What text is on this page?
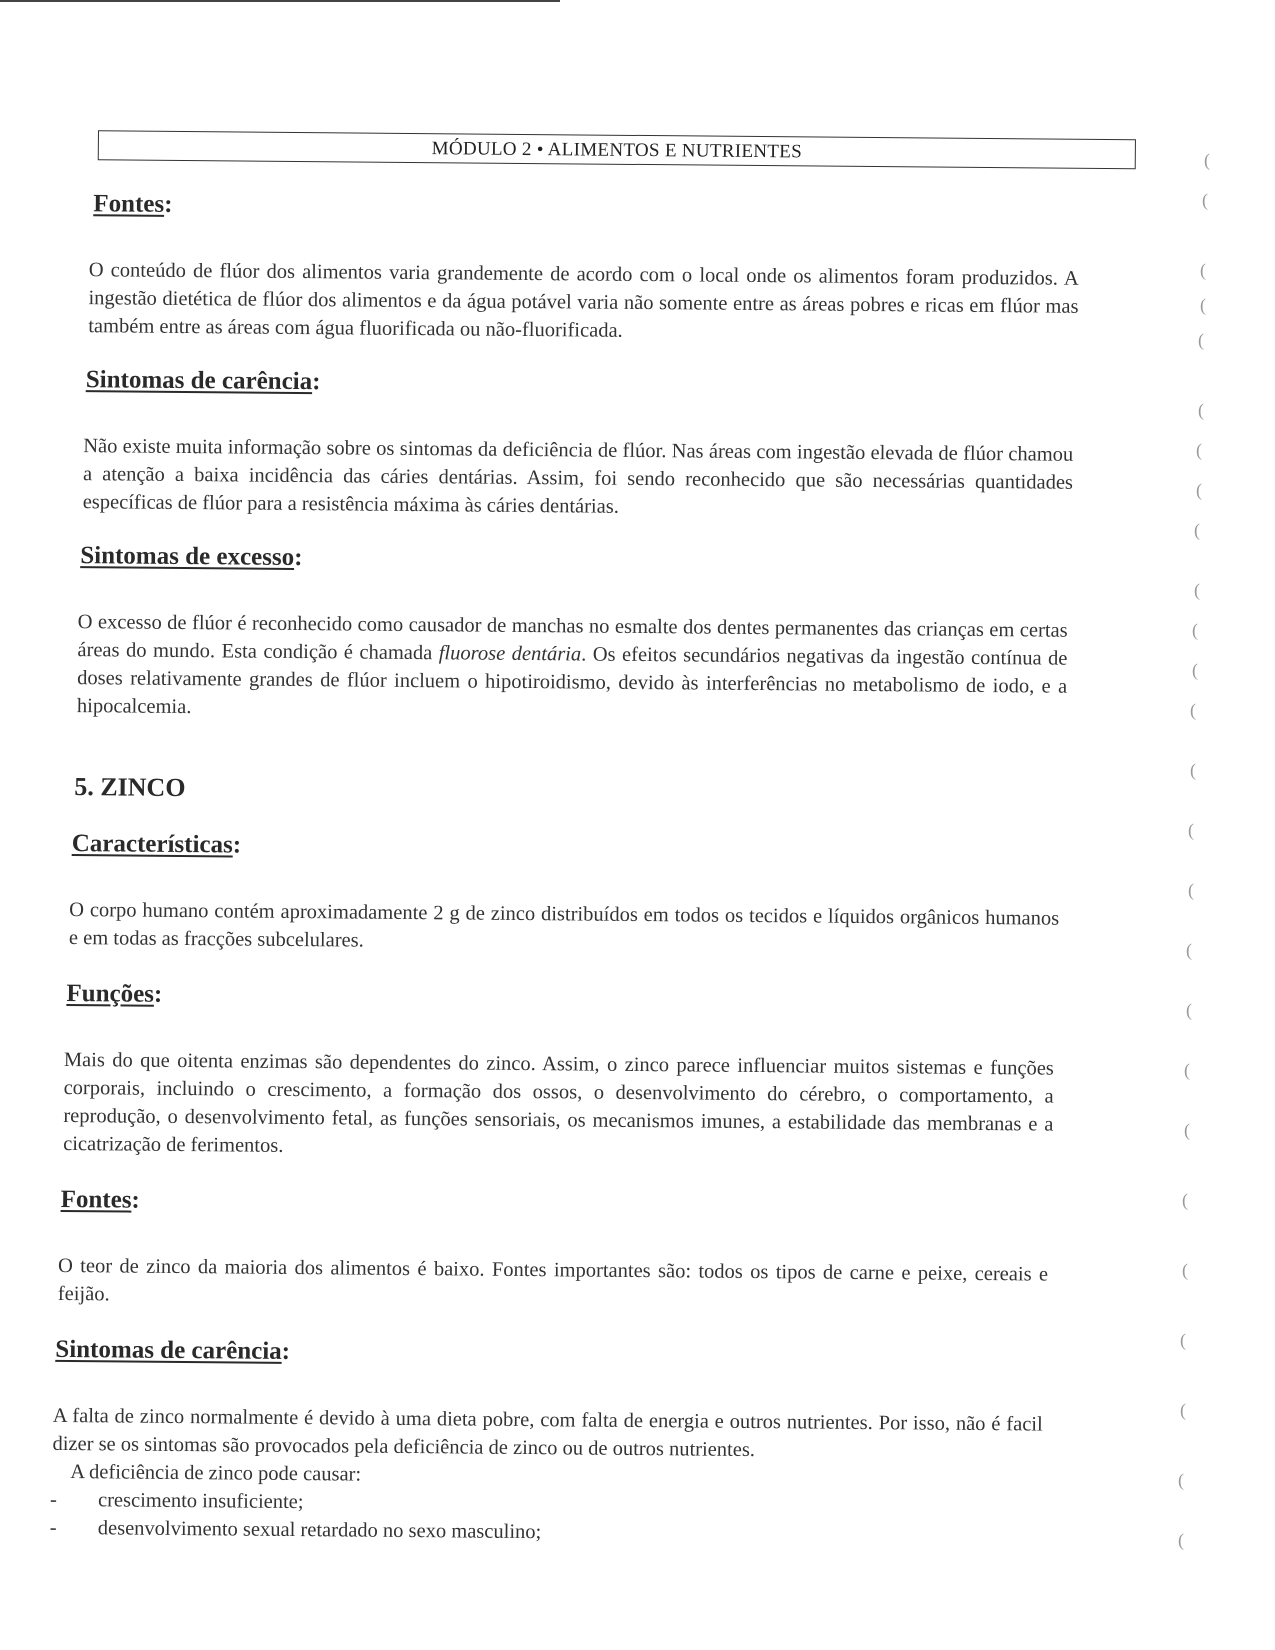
MÓDULO 2 • ALIMENTOS E NUTRIENTES
Fontes:

O conteúdo de flúor dos alimentos varia grandemente de acordo com o local onde os alimentos foram produzidos. A ingestão dietética de flúor dos alimentos e da água potável varia não somente entre as áreas pobres e ricas em flúor mas também entre as áreas com água fluorificada ou não-fluorificada.

Sintomas de carência:

Não existe muita informação sobre os sintomas da deficiência de flúor. Nas áreas com ingestão elevada de flúor chamou a atenção a baixa incidência das cáries dentárias. Assim, foi sendo reconhecido que são necessárias quantidades específicas de flúor para a resistência máxima às cáries dentárias.

Sintomas de excesso:

O excesso de flúor é reconhecido como causador de manchas no esmalte dos dentes permanentes das crianças em certas áreas do mundo. Esta condição é chamada fluorose dentária. Os efeitos secundários negativas da ingestão contínua de doses relativamente grandes de flúor incluem o hipotiroidismo, devido às interferências no metabolismo de iodo, e a hipocalcemia.

5. ZINCO
Características:

O corpo humano contém aproximadamente 2 g de zinco distribuídos em todos os tecidos e líquidos orgânicos humanos e em todas as fracções subcelulares.

Funções:

Mais do que oitenta enzimas são dependentes do zinco. Assim, o zinco parece influenciar muitos sistemas e funções corporais, incluindo o crescimento, a formação dos ossos, o desenvolvimento do cérebro, o comportamento, a reprodução, o desenvolvimento fetal, as funções sensoriais, os mecanismos imunes, a estabilidade das membranas e a cicatrização de ferimentos.

Fontes:

O teor de zinco da maioria dos alimentos é baixo. Fontes importantes são: todos os tipos de carne e peixe, cereais e feijão.

Sintomas de carência:

A falta de zinco normalmente é devido à uma dieta pobre, com falta de energia e outros nutrientes. Por isso, não é facil dizer se os sintomas são provocados pela deficiência de zinco ou de outros nutrientes.

A deficiência de zinco pode causar:

- crescimento insuficiente;
- desenvolvimento sexual retardado no sexo masculino;
(
(
(
(
(
(
(
(
(
(
(
(
(
(
(
(
(
(
(
(
(
(
(
(
(
(
